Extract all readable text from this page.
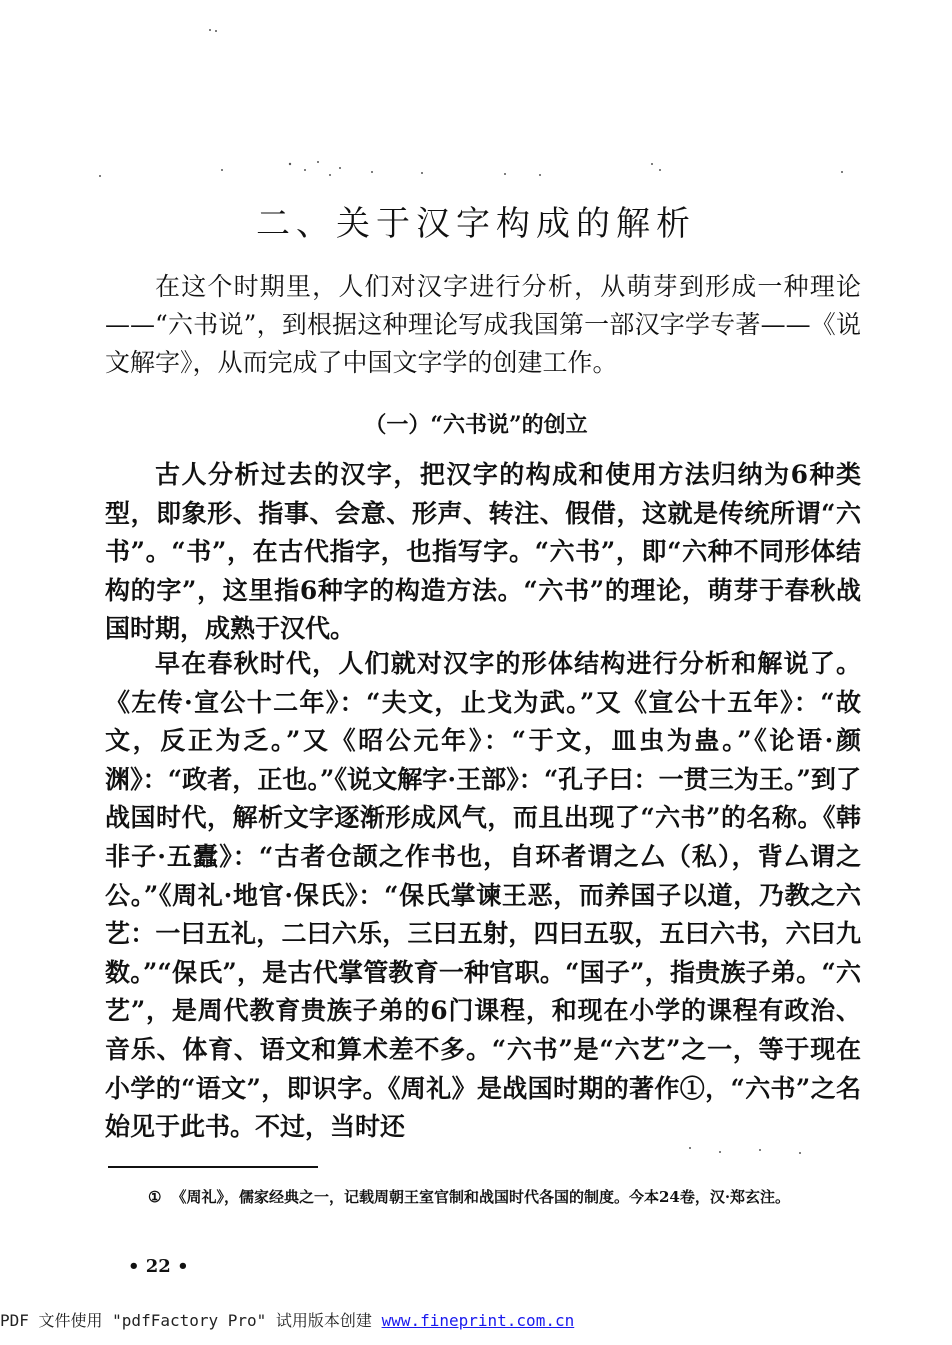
二、关于汉字构成的解析

在这个时期里，人们对汉字进行分析，从萌芽到形成一种理论——“六书说”，到根据这种理论写成我国第一部汉字学专著——《说文解字》，从而完成了中国文字学的创建工作。

（一）“六书说”的创立

古人分析过去的汉字，把汉字的构成和使用方法归纳为6种类型，即象形、指事、会意、形声、转注、假借，这就是传统所谓“六书”。“书”，在古代指字，也指写字。“六书”，即“六种不同形体结构的字”，这里指6种字的构造方法。“六书”的理论，萌芽于春秋战国时期，成熟于汉代。

早在春秋时代，人们就对汉字的形体结构进行分析和解说了。《左传·宣公十二年》：“夫文，止戈为武。”又《宣公十五年》：“故文，反正为乏。”又《昭公元年》：“于文，皿虫为蛊。”《论语·颜渊》：“政者，正也。”《说文解字·王部》：“孔子曰：一贯三为王。”到了战国时代，解析文字逐渐形成风气，而且出现了“六书”的名称。《韩非子·五蠹》：“古者仓颉之作书也，自环者谓之厶（私），背厶谓之公。”《周礼·地官·保氏》：“保氏掌谏王恶，而养国子以道，乃教之六艺：一曰五礼，二曰六乐，三曰五射，四曰五驭，五曰六书，六曰九数。”“保氏”，是古代掌管教育一种官职。“国子”，指贵族子弟。“六艺”，是周代教育贵族子弟的6门课程，和现在小学的课程有政治、音乐、体育、语文和算术差不多。“六书”是“六艺”之一，等于现在小学的“语文”，即识字。《周礼》是战国时期的著作①，“六书”之名始见于此书。不过，当时还

① 《周礼》，儒家经典之一，记载周朝王室官制和战国时代各国的制度。今本24卷，汉·郑玄注。

• 22 •
PDF 文件使用 "pdfFactory Pro" 试用版本创建 www.fineprint.com.cn
